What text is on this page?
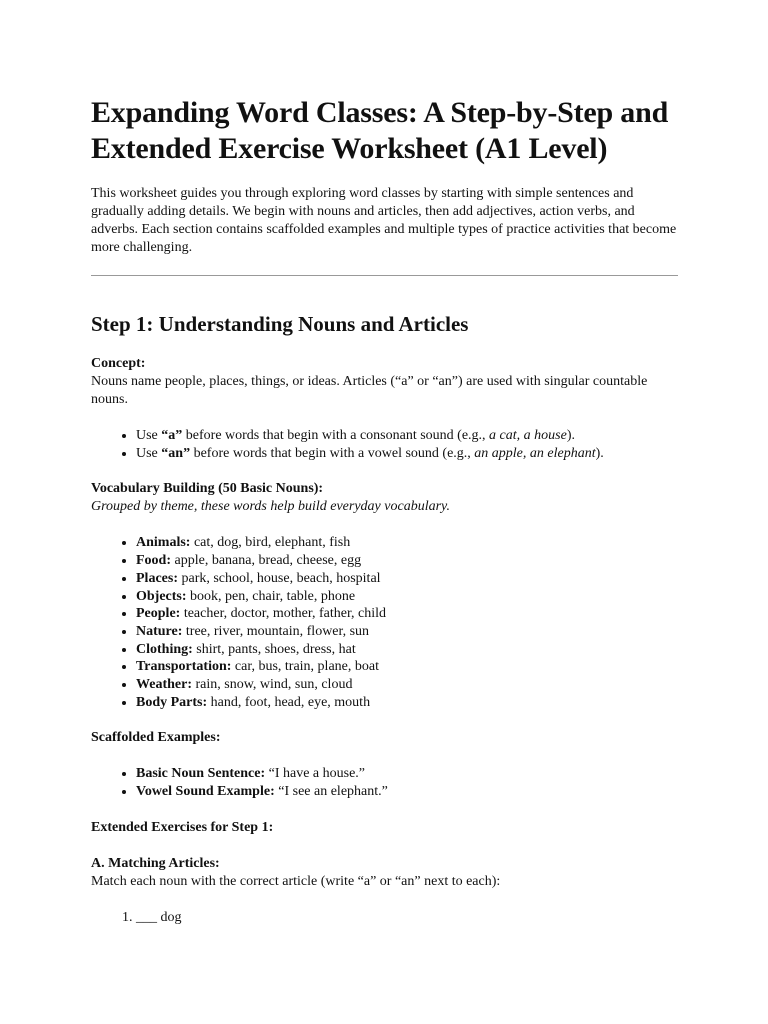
Expanding Word Classes: A Step-by-Step and Extended Exercise Worksheet (A1 Level)

This worksheet guides you through exploring word classes by starting with simple sentences and gradually adding details. We begin with nouns and articles, then add adjectives, action verbs, and adverbs. Each section contains scaffolded examples and multiple types of practice activities that become more challenging.

Step 1: Understanding Nouns and Articles
Concept:

Nouns name people, places, things, or ideas. Articles (“a” or “an”) are used with singular countable nouns.

• Use “a” before words that begin with a consonant sound (e.g., a cat, a house).
• Use “an” before words that begin with a vowel sound (e.g., an apple, an elephant).
Vocabulary Building (50 Basic Nouns):

Grouped by theme, these words help build everyday vocabulary.

• Animals: cat, dog, bird, elephant, fish
• Food: apple, banana, bread, cheese, egg
• Places: park, school, house, beach, hospital
• Objects: book, pen, chair, table, phone
• People: teacher, doctor, mother, father, child
• Nature: tree, river, mountain, flower, sun
• Clothing: shirt, pants, shoes, dress, hat
• Transportation: car, bus, train, plane, boat
• Weather: rain, snow, wind, sun, cloud
• Body Parts: hand, foot, head, eye, mouth
Scaffolded Examples:
• Basic Noun Sentence: “I have a house.”
• Vowel Sound Example: “I see an elephant.”
Extended Exercises for Step 1:
A. Matching Articles:

Match each noun with the correct article (write “a” or “an” next to each):

1. ___ dog
